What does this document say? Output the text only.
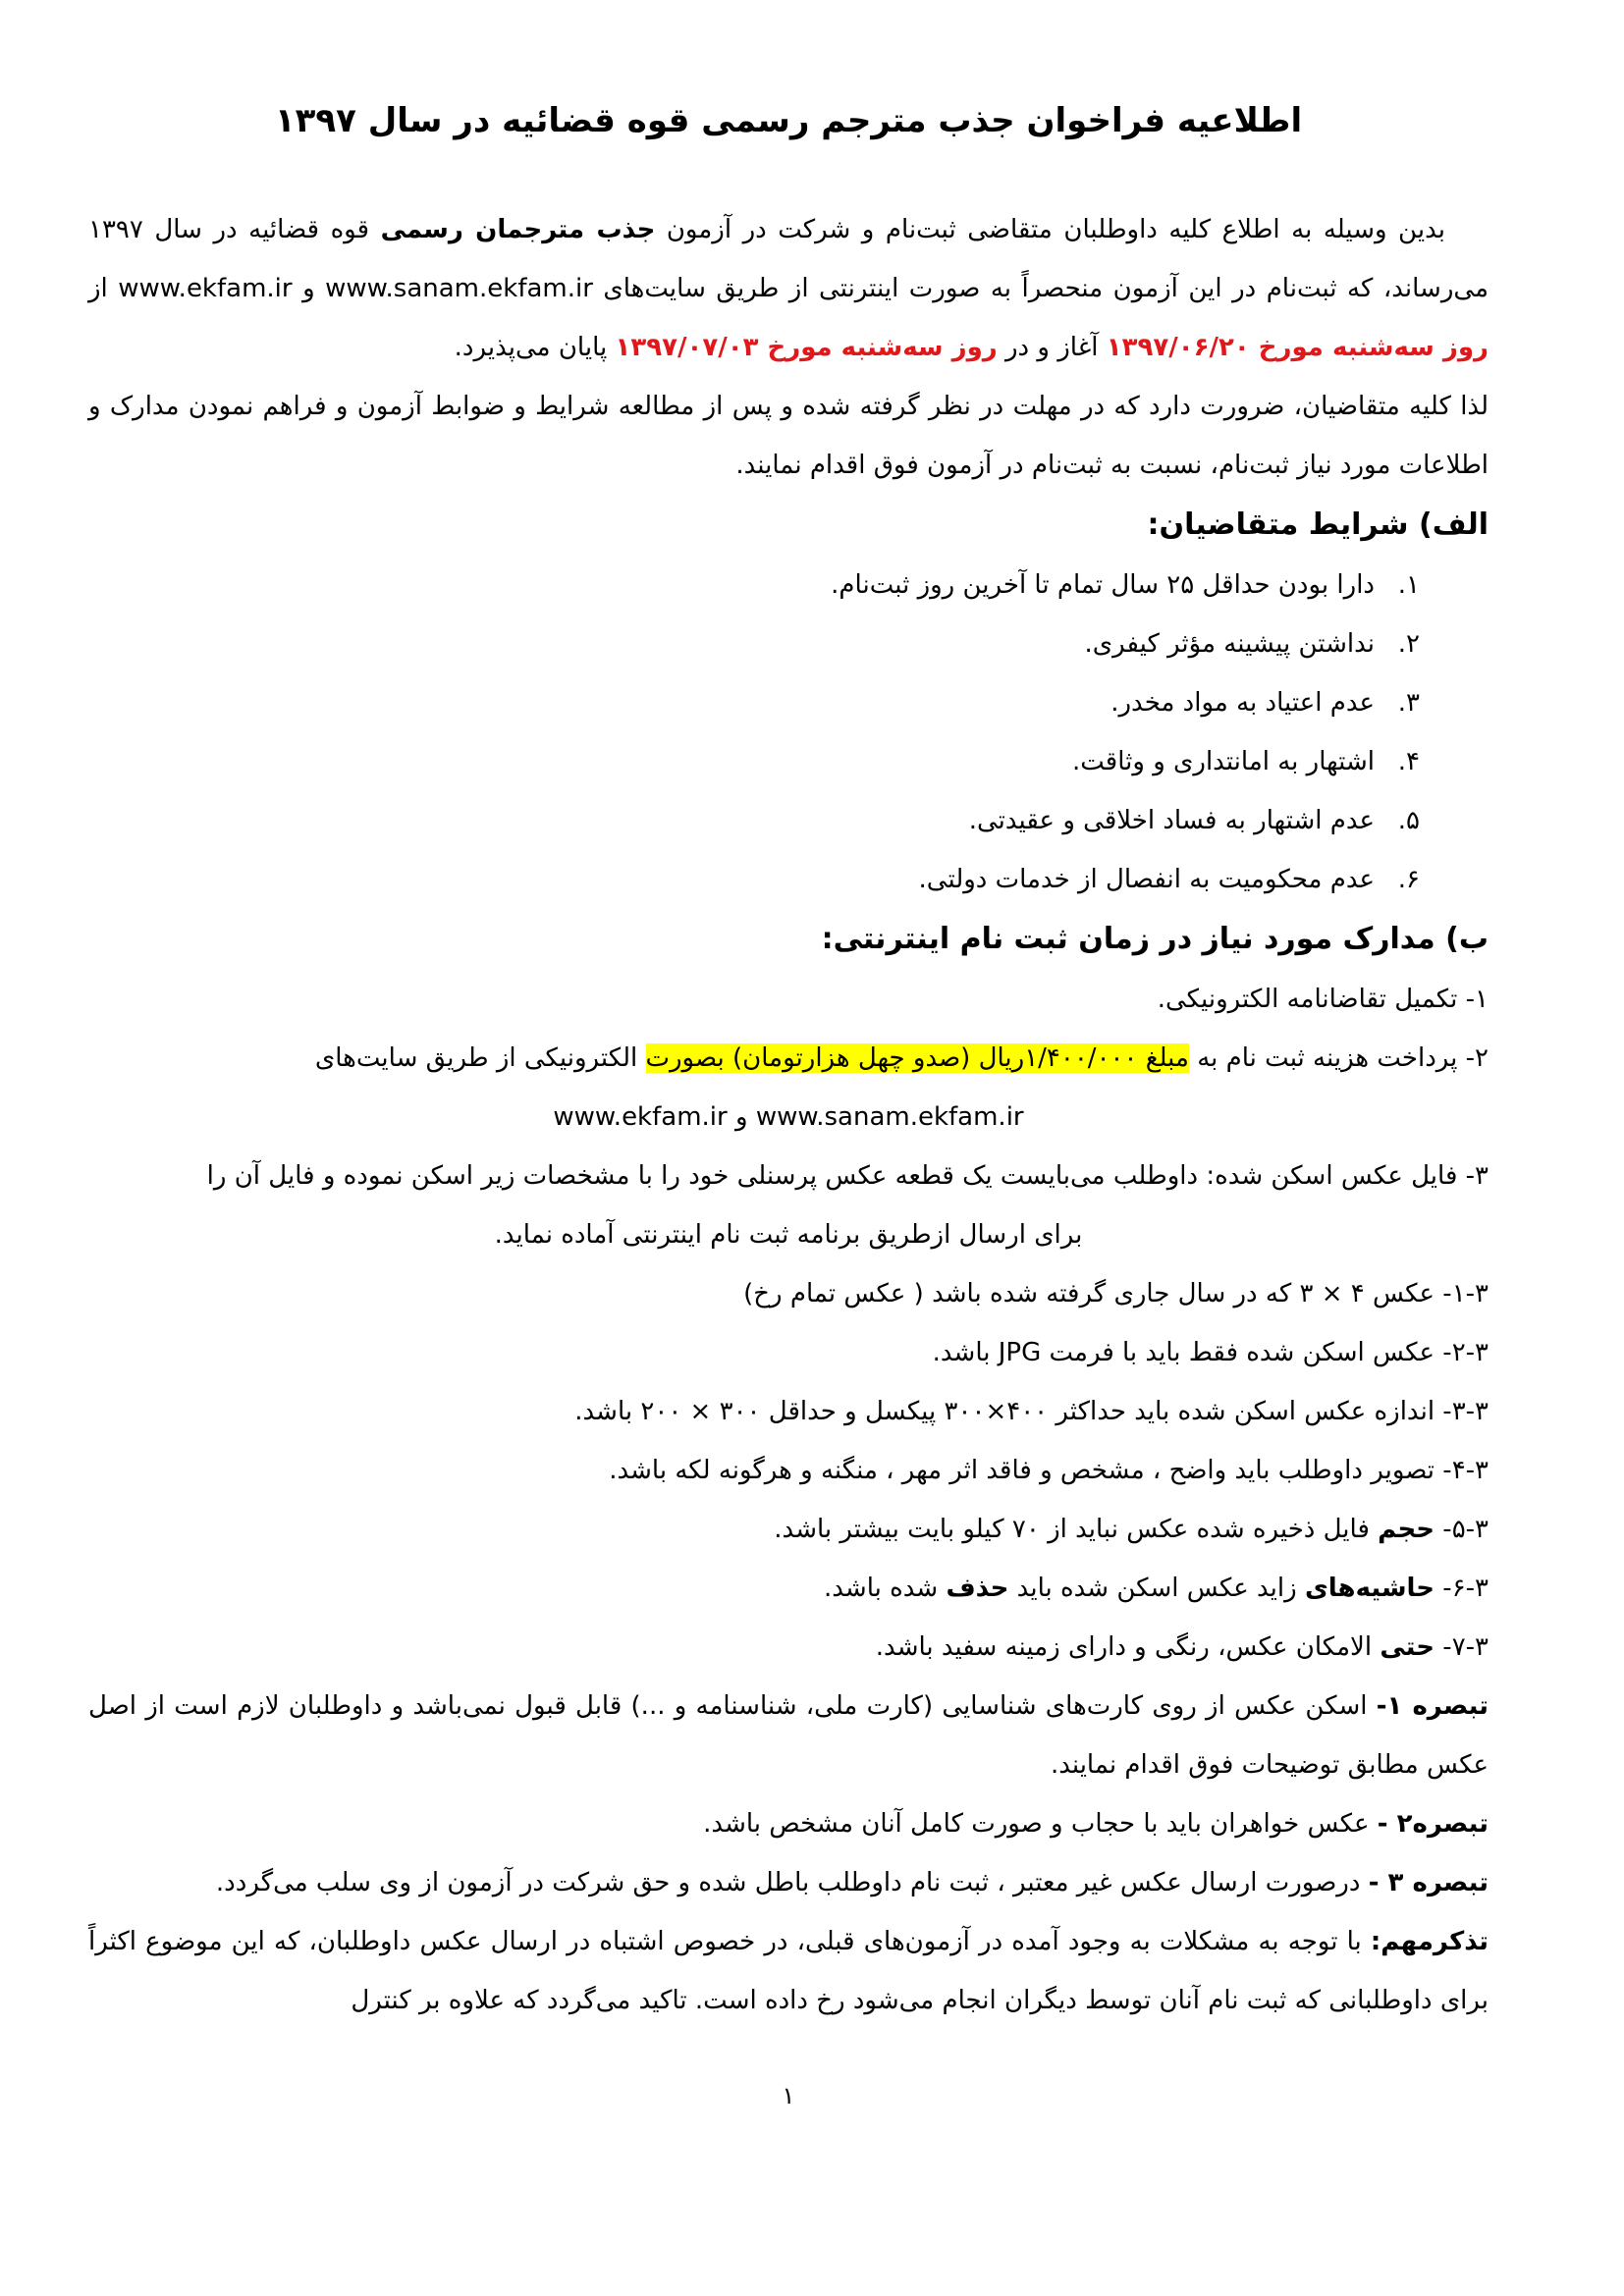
اطلاعیه فراخوان جذب مترجم رسمی قوه قضائیه در سال ۱۳۹۷

بدین وسیله به اطلاع کلیه داوطلبان متقاضی ثبت‌نام و شرکت در آزمون جذب مترجمان رسمی قوه قضائیه در سال ۱۳۹۷ می‌رساند، که ثبت‌نام در این آزمون منحصراً به صورت اینترنتی از طریق سایت‌های www.sanam.ekfam.ir و www.ekfam.ir از روز سه‌شنبه مورخ ۱۳۹۷/۰۶/۲۰ آغاز و در روز سه‌شنبه مورخ ۱۳۹۷/۰۷/۰۳ پایان می‌پذیرد.

لذا کلیه متقاضیان، ضرورت دارد که در مهلت در نظر گرفته شده و پس از مطالعه شرایط و ضوابط آزمون و فراهم نمودن مدارک و اطلاعات مورد نیاز ثبت‌نام، نسبت به ثبت‌نام در آزمون فوق اقدام نمایند.

الف) شرایط متقاضیان:
۱.دارا بودن حداقل ۲۵ سال تمام تا آخرین روز ثبت‌نام.
۲.نداشتن پیشینه مؤثر کیفری.
۳.عدم اعتیاد به مواد مخدر.
۴.اشتهار به امانتداری و وثاقت.
۵.عدم اشتهار به فساد اخلاقی و عقیدتی.
۶.عدم محکومیت به انفصال از خدمات دولتی.
ب) مدارک مورد نیاز در زمان ثبت نام اینترنتی:

۱- تکمیل تقاضانامه الکترونیکی.

۲- پرداخت هزینه ثبت نام به مبلغ ۱/۴۰۰/۰۰۰ریال (صدو چهل هزارتومان) بصورت الکترونیکی از طریق سایت‌های

www.sanam.ekfam.ir و www.ekfam.ir

۳- فایل عکس اسکن شده: داوطلب می‌بایست یک قطعه عکس پرسنلی خود را با مشخصات زیر اسکن نموده و فایل آن را

برای ارسال ازطریق برنامه ثبت نام اینترنتی آماده نماید.

۱-۳- عکس ۴ × ۳ که در سال جاری گرفته شده باشد ( عکس تمام رخ)

۲-۳- عکس اسکن شده فقط باید با فرمت JPG باشد.

۳-۳- اندازه عکس اسکن شده باید حداکثر ۴۰۰×۳۰۰ پیکسل و حداقل ۳۰۰ × ۲۰۰ باشد.

۴-۳- تصویر داوطلب باید واضح ، مشخص و فاقد اثر مهر ، منگنه و هرگونه لکه باشد.

۵-۳- حجم فایل ذخیره شده عکس نباید از ۷۰ کیلو بایت بیشتر باشد.

۶-۳- حاشیه‌های زاید عکس اسکن شده باید حذف شده باشد.

۷-۳- حتی الامکان عکس، رنگی و دارای زمینه سفید باشد.

تبصره ۱- اسکن عکس از روی کارت‌های شناسایی (کارت ملی، شناسنامه و ...) قابل قبول نمی‌باشد و داوطلبان لازم است از اصل عکس مطابق توضیحات فوق اقدام نمایند.

تبصره۲ - عکس خواهران باید با حجاب و صورت کامل آنان مشخص باشد.

تبصره ۳ - درصورت ارسال عکس غیر معتبر ، ثبت نام داوطلب باطل شده و حق شرکت در آزمون از وی سلب می‌گردد.

تذکرمهم: با توجه به مشکلات به وجود آمده در آزمون‌های قبلی، در خصوص اشتباه در ارسال عکس داوطلبان، که این موضوع اکثراً برای داوطلبانی که ثبت نام آنان توسط دیگران انجام می‌شود رخ داده است. تاکید می‌گردد که علاوه بر کنترل

۱
